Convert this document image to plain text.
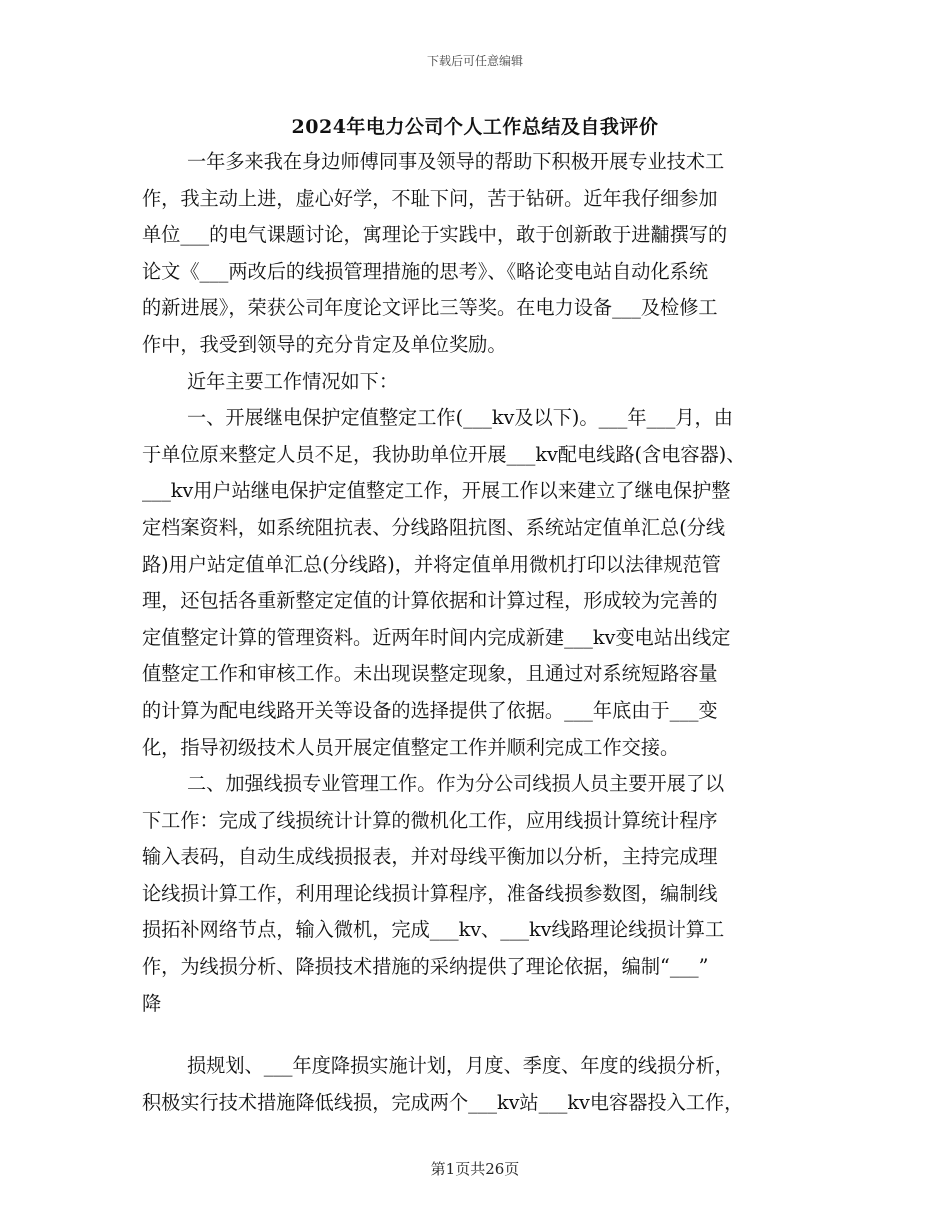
下载后可任意编辑
2024年电力公司个人工作总结及自我评价
一年多来我在身边师傅同事及领导的帮助下积极开展专业技术工
作，我主动上进，虚心好学，不耻下问，苦于钻研。近年我仔细参加
单位___的电气课题讨论，寓理论于实践中，敢于创新敢于进黼撰写的
论文《___两改后的线损管理措施的思考》、《略论变电站自动化系统
的新进展》，荣获公司年度论文评比三等奖。在电力设备___及检修工
作中，我受到领导的充分肯定及单位奖励。
近年主要工作情况如下：
一、开展继电保护定值整定工作(___kv及以下)。___年___月，由
于单位原来整定人员不足，我协助单位开展___kv配电线路(含电容器)、
___kv用户站继电保护定值整定工作，开展工作以来建立了继电保护整
定档案资料，如系统阻抗表、分线路阻抗图、系统站定值单汇总(分线
路)用户站定值单汇总(分线路)，并将定值单用微机打印以法律规范管
理，还包括各重新整定定值的计算依据和计算过程，形成较为完善的
定值整定计算的管理资料。近两年时间内完成新建___kv变电站出线定
值整定工作和审核工作。未出现误整定现象，且通过对系统短路容量
的计算为配电线路开关等设备的选择提供了依据。___年底由于___变
化，指导初级技术人员开展定值整定工作并顺利完成工作交接。
二、加强线损专业管理工作。作为分公司线损人员主要开展了以
下工作：完成了线损统计计算的微机化工作，应用线损计算统计程序
输入表码，自动生成线损报表，并对母线平衡加以分析，主持完成理
论线损计算工作，利用理论线损计算程序，准备线损参数图，编制线
损拓补网络节点，输入微机，完成___kv、___kv线路理论线损计算工
作，为线损分析、降损技术措施的采纳提供了理论依据，编制“___”
降
损规划、___年度降损实施计划，月度、季度、年度的线损分析，
积极实行技术措施降低线损，完成两个___kv站___kv电容器投入工作，
第1页共26页
